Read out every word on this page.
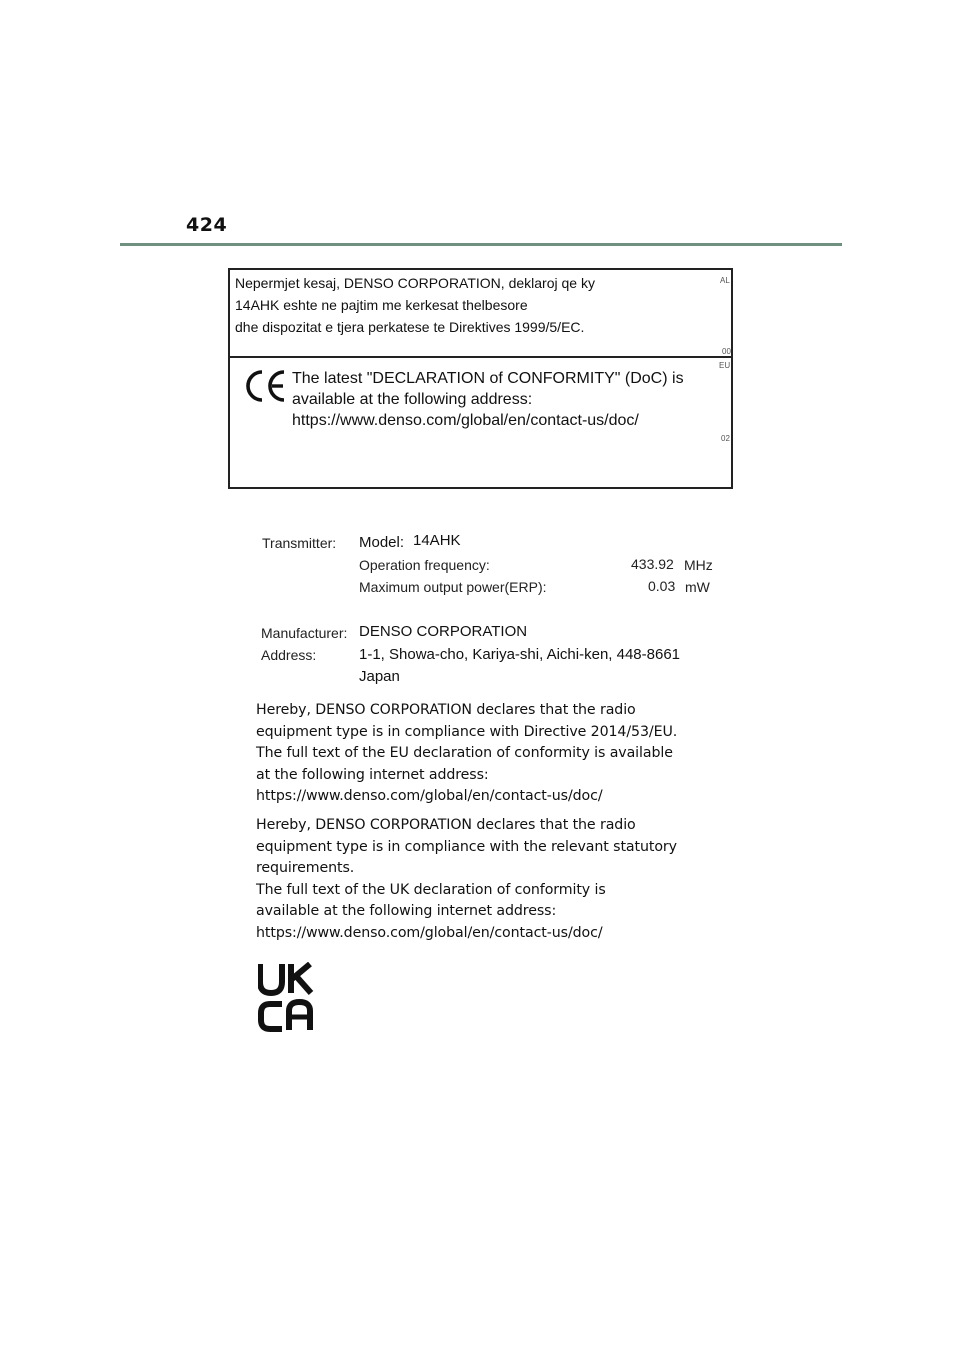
424
Nepermjet kesaj, DENSO CORPORATION, deklaroj qe ky
14AHK eshte ne pajtim me kerkesat thelbesore
dhe dispozitat e tjera perkatese te Direktives 1999/5/EC.
AL
00
The latest "DECLARATION of CONFORMITY" (DoC) is
available at the following address:
https://www.denso.com/global/en/contact-us/doc/
EU
02
Transmitter: Model: 14AHK
Operation frequency:	433.92 MHz
Maximum output power(ERP):	0.03 mW
Manufacturer: DENSO CORPORATION
Address:	1-1, Showa-cho, Kariya-shi, Aichi-ken, 448-8661
Japan
Hereby, DENSO CORPORATION declares that the radio
equipment type is in compliance with Directive 2014/53/EU.
The full text of the EU declaration of conformity is available
at the following internet address:
https://www.denso.com/global/en/contact-us/doc/
Hereby, DENSO CORPORATION declares that the radio
equipment type is in compliance with the relevant statutory
requirements.
The full text of the UK declaration of conformity is
available at the following internet address:
https://www.denso.com/global/en/contact-us/doc/
